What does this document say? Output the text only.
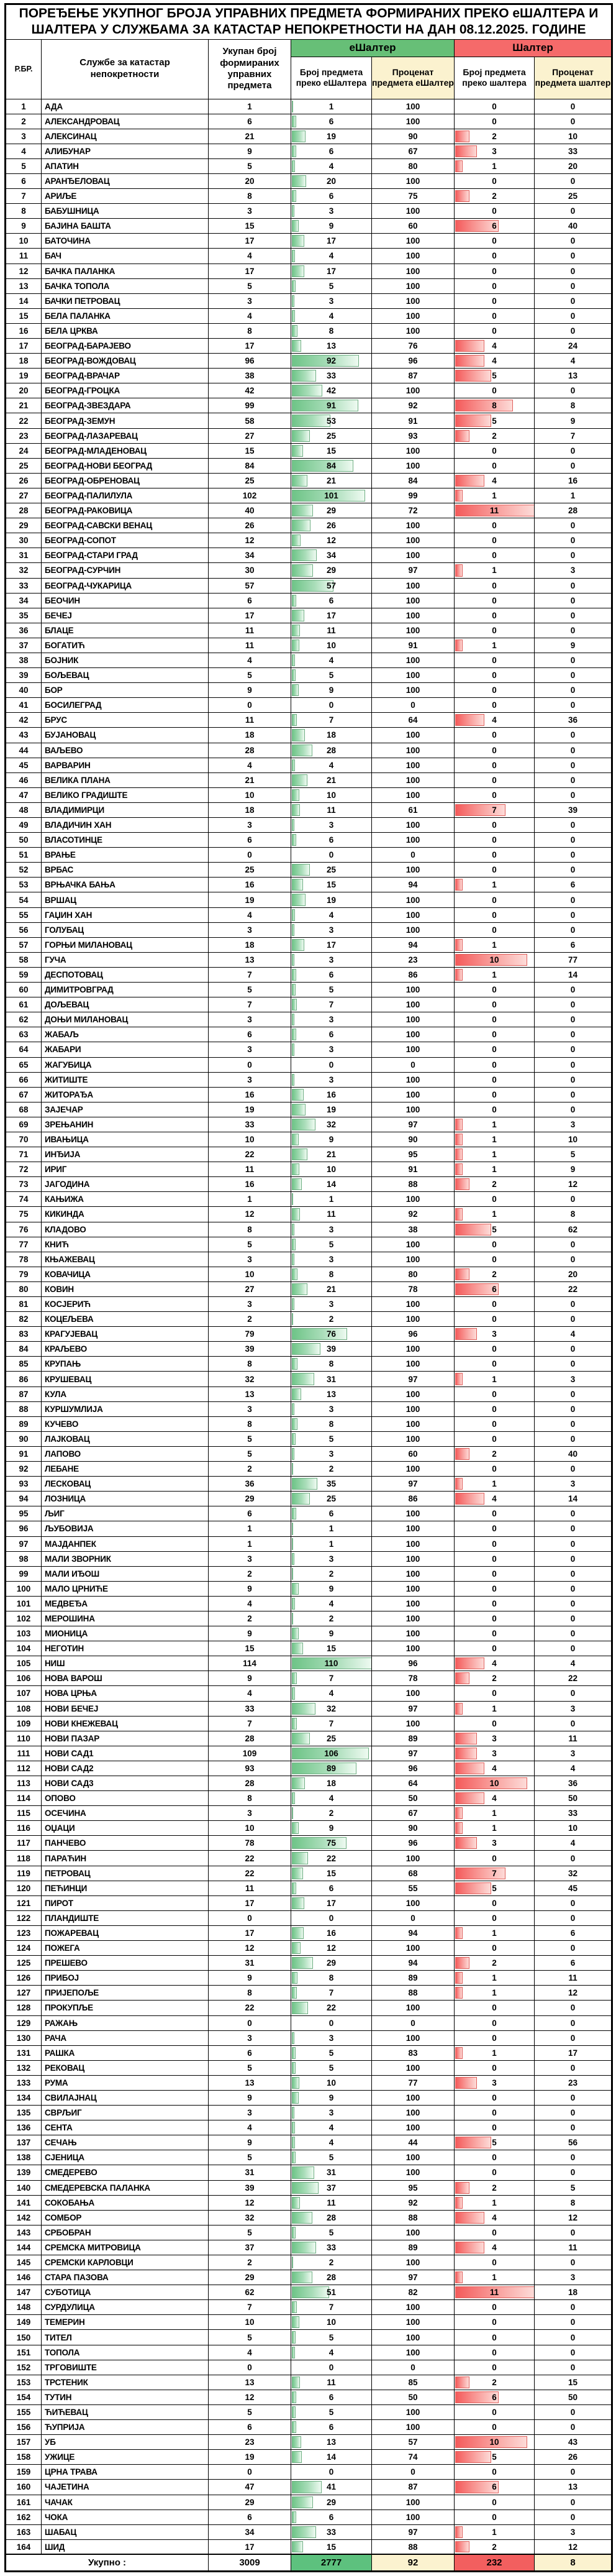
ПОРЕЂЕЊЕ УКУПНОГ БРОЈА УПРАВНИХ ПРЕДМЕТА ФОРМИРАНИХ ПРЕКО еШАЛТЕРА И ШАЛТЕРА У СЛУЖБАМА ЗА КАТАСТАР НЕПОКРЕТНОСТИ НА ДАН 08.12.2025. ГОДИНЕ						
Р.БР.	Службе за катастар непокретности	Укупан број формираних управних предмета	еШалтер		Шалтер	
			Број предмета преко еШалтера	Проценат предмета еШалтер	Број предмета преко шалтера	Проценат предмета шалтер
1	АДА	1	1	100	0	0
2	АЛЕКСАНДРОВАЦ	6	6	100	0	0
3	АЛЕКСИНАЦ	21	19	90	2	10
4	АЛИБУНАР	9	6	67	3	33
5	АПАТИН	5	4	80	1	20
6	АРАНЂЕЛОВАЦ	20	20	100	0	0
7	АРИЉЕ	8	6	75	2	25
8	БАБУШНИЦА	3	3	100	0	0
9	БАЈИНА БАШТА	15	9	60	6	40
10	БАТОЧИНА	17	17	100	0	0
11	БАЧ	4	4	100	0	0
12	БАЧКА ПАЛАНКА	17	17	100	0	0
13	БАЧКА ТОПОЛА	5	5	100	0	0
14	БАЧКИ ПЕТРОВАЦ	3	3	100	0	0
15	БЕЛА ПАЛАНКА	4	4	100	0	0
16	БЕЛА ЦРКВА	8	8	100	0	0
17	БЕОГРАД-БАРАЈЕВО	17	13	76	4	24
18	БЕОГРАД-ВОЖДОВАЦ	96	92	96	4	4
19	БЕОГРАД-ВРАЧАР	38	33	87	5	13
20	БЕОГРАД-ГРОЦКА	42	42	100	0	0
21	БЕОГРАД-ЗВЕЗДАРА	99	91	92	8	8
22	БЕОГРАД-ЗЕМУН	58	53	91	5	9
23	БЕОГРАД-ЛАЗАРЕВАЦ	27	25	93	2	7
24	БЕОГРАД-МЛАДЕНОВАЦ	15	15	100	0	0
25	БЕОГРАД-НОВИ БЕОГРАД	84	84	100	0	0
26	БЕОГРАД-ОБРЕНОВАЦ	25	21	84	4	16
27	БЕОГРАД-ПАЛИЛУЛА	102	101	99	1	1
28	БЕОГРАД-РАКОВИЦА	40	29	72	11	28
29	БЕОГРАД-САВСКИ ВЕНАЦ	26	26	100	0	0
30	БЕОГРАД-СОПОТ	12	12	100	0	0
31	БЕОГРАД-СТАРИ ГРАД	34	34	100	0	0
32	БЕОГРАД-СУРЧИН	30	29	97	1	3
33	БЕОГРАД-ЧУКАРИЦА	57	57	100	0	0
34	БЕОЧИН	6	6	100	0	0
35	БЕЧЕЈ	17	17	100	0	0
36	БЛАЦЕ	11	11	100	0	0
37	БОГАТИЋ	11	10	91	1	9
38	БОЈНИК	4	4	100	0	0
39	БОЉЕВАЦ	5	5	100	0	0
40	БОР	9	9	100	0	0
41	БОСИЛЕГРАД	0	0	0	0	0
42	БРУС	11	7	64	4	36
43	БУЈАНОВАЦ	18	18	100	0	0
44	ВАЉЕВО	28	28	100	0	0
45	ВАРВАРИН	4	4	100	0	0
46	ВЕЛИКА ПЛАНА	21	21	100	0	0
47	ВЕЛИКО ГРАДИШТЕ	10	10	100	0	0
48	ВЛАДИМИРЦИ	18	11	61	7	39
49	ВЛАДИЧИН ХАН	3	3	100	0	0
50	ВЛАСОТИНЦЕ	6	6	100	0	0
51	ВРАЊЕ	0	0	0	0	0
52	ВРБАС	25	25	100	0	0
53	ВРЊАЧКА БАЊА	16	15	94	1	6
54	ВРШАЦ	19	19	100	0	0
55	ГАЏИН ХАН	4	4	100	0	0
56	ГОЛУБАЦ	3	3	100	0	0
57	ГОРЊИ МИЛАНОВАЦ	18	17	94	1	6
58	ГУЧА	13	3	23	10	77
59	ДЕСПОТОВАЦ	7	6	86	1	14
60	ДИМИТРОВГРАД	5	5	100	0	0
61	ДОЉЕВАЦ	7	7	100	0	0
62	ДОЊИ МИЛАНОВАЦ	3	3	100	0	0
63	ЖАБАЉ	6	6	100	0	0
64	ЖАБАРИ	3	3	100	0	0
65	ЖАГУБИЦА	0	0	0	0	0
66	ЖИТИШТЕ	3	3	100	0	0
67	ЖИТОРАЂА	16	16	100	0	0
68	ЗАЈЕЧАР	19	19	100	0	0
69	ЗРЕЊАНИН	33	32	97	1	3
70	ИВАЊИЦА	10	9	90	1	10
71	ИНЂИЈА	22	21	95	1	5
72	ИРИГ	11	10	91	1	9
73	ЈАГОДИНА	16	14	88	2	12
74	КАЊИЖА	1	1	100	0	0
75	КИКИНДА	12	11	92	1	8
76	КЛАДОВО	8	3	38	5	62
77	КНИЋ	5	5	100	0	0
78	КЊАЖЕВАЦ	3	3	100	0	0
79	КОВАЧИЦА	10	8	80	2	20
80	КОВИН	27	21	78	6	22
81	КОСЈЕРИЋ	3	3	100	0	0
82	КОЦЕЉЕВА	2	2	100	0	0
83	КРАГУЈЕВАЦ	79	76	96	3	4
84	КРАЉЕВО	39	39	100	0	0
85	КРУПАЊ	8	8	100	0	0
86	КРУШЕВАЦ	32	31	97	1	3
87	КУЛА	13	13	100	0	0
88	КУРШУМЛИЈА	3	3	100	0	0
89	КУЧЕВО	8	8	100	0	0
90	ЛАЈКОВАЦ	5	5	100	0	0
91	ЛАПОВО	5	3	60	2	40
92	ЛЕБАНЕ	2	2	100	0	0
93	ЛЕСКОВАЦ	36	35	97	1	3
94	ЛОЗНИЦА	29	25	86	4	14
95	ЉИГ	6	6	100	0	0
96	ЉУБОВИЈА	1	1	100	0	0
97	МАЈДАНПЕК	1	1	100	0	0
98	МАЛИ ЗВОРНИК	3	3	100	0	0
99	МАЛИ ИЂОШ	2	2	100	0	0
100	МАЛО ЦРНИЋЕ	9	9	100	0	0
101	МЕДВЕЂА	4	4	100	0	0
102	МЕРОШИНА	2	2	100	0	0
103	МИОНИЦА	9	9	100	0	0
104	НЕГОТИН	15	15	100	0	0
105	НИШ	114	110	96	4	4
106	НОВА ВАРОШ	9	7	78	2	22
107	НОВА ЦРЊА	4	4	100	0	0
108	НОВИ БЕЧЕЈ	33	32	97	1	3
109	НОВИ КНЕЖЕВАЦ	7	7	100	0	0
110	НОВИ ПАЗАР	28	25	89	3	11
111	НОВИ САД1	109	106	97	3	3
112	НОВИ САД2	93	89	96	4	4
113	НОВИ САД3	28	18	64	10	36
114	ОПОВО	8	4	50	4	50
115	ОСЕЧИНА	3	2	67	1	33
116	ОЏАЦИ	10	9	90	1	10
117	ПАНЧЕВО	78	75	96	3	4
118	ПАРАЋИН	22	22	100	0	0
119	ПЕТРОВАЦ	22	15	68	7	32
120	ПЕЋИНЦИ	11	6	55	5	45
121	ПИРОТ	17	17	100	0	0
122	ПЛАНДИШТЕ	0	0	0	0	0
123	ПОЖАРЕВАЦ	17	16	94	1	6
124	ПОЖЕГА	12	12	100	0	0
125	ПРЕШЕВО	31	29	94	2	6
126	ПРИБОЈ	9	8	89	1	11
127	ПРИЈЕПОЉЕ	8	7	88	1	12
128	ПРОКУПЉЕ	22	22	100	0	0
129	РАЖАЊ	0	0	0	0	0
130	РАЧА	3	3	100	0	0
131	РАШКА	6	5	83	1	17
132	РЕКОВАЦ	5	5	100	0	0
133	РУМА	13	10	77	3	23
134	СВИЛАЈНАЦ	9	9	100	0	0
135	СВРЉИГ	3	3	100	0	0
136	СЕНТА	4	4	100	0	0
137	СЕЧАЊ	9	4	44	5	56
138	СЈЕНИЦА	5	5	100	0	0
139	СМЕДЕРЕВО	31	31	100	0	0
140	СМЕДЕРЕВСКА ПАЛАНКА	39	37	95	2	5
141	СОКОБАЊА	12	11	92	1	8
142	СОМБОР	32	28	88	4	12
143	СРБОБРАН	5	5	100	0	0
144	СРЕМСКА МИТРОВИЦА	37	33	89	4	11
145	СРЕМСКИ КАРЛОВЦИ	2	2	100	0	0
146	СТАРА ПАЗОВА	29	28	97	1	3
147	СУБОТИЦА	62	51	82	11	18
148	СУРДУЛИЦА	7	7	100	0	0
149	ТЕМЕРИН	10	10	100	0	0
150	ТИТЕЛ	5	5	100	0	0
151	ТОПОЛА	4	4	100	0	0
152	ТРГОВИШТЕ	0	0	0	0	0
153	ТРСТЕНИК	13	11	85	2	15
154	ТУТИН	12	6	50	6	50
155	ЋИЋЕВАЦ	5	5	100	0	0
156	ЋУПРИЈА	6	6	100	0	0
157	УБ	23	13	57	10	43
158	УЖИЦЕ	19	14	74	5	26
159	ЦРНА ТРАВА	0	0	0	0	0
160	ЧАЈЕТИНА	47	41	87	6	13
161	ЧАЧАК	29	29	100	0	0
162	ЧОКА	6	6	100	0	0
163	ШАБАЦ	34	33	97	1	3
164	ШИД	17	15	88	2	12
Укупно :		3009	2777	92	232	8
